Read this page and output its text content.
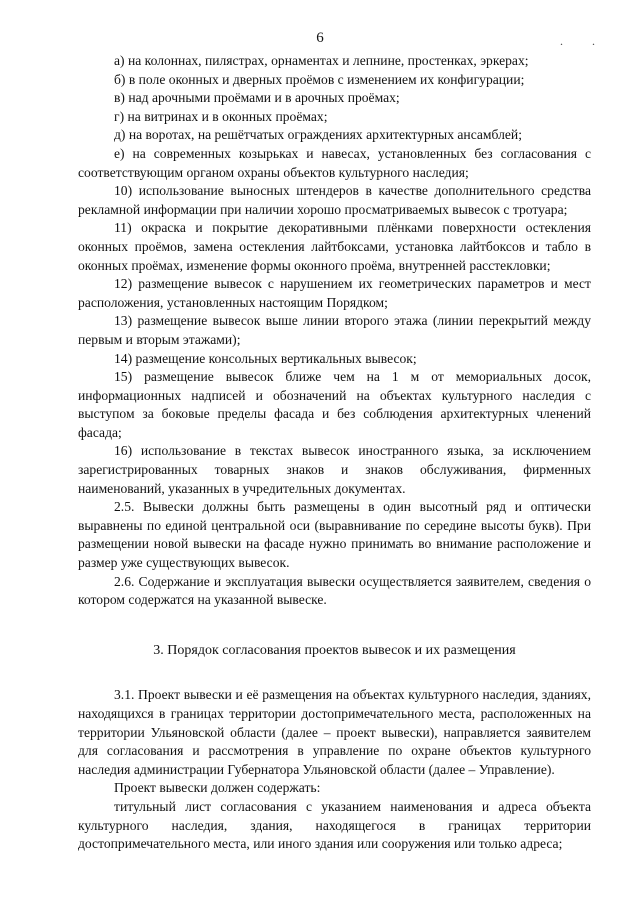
6	. .

а) на колоннах, пилястрах, орнаментах и лепнине, простенках, эркерах;

б) в поле оконных и дверных проёмов с изменением их конфигурации;

в) над арочными проёмами и в арочных проёмах;

г) на витринах и в оконных проёмах;

д) на воротах, на решётчатых ограждениях архитектурных ансамблей;

е) на современных козырьках и навесах, установленных без согласования с соответствующим органом охраны объектов культурного наследия;

10) использование выносных штендеров в качестве дополнительного средства рекламной информации при наличии хорошо просматриваемых вывесок с тротуара;

11) окраска и покрытие декоративными плёнками поверхности остекления оконных проёмов, замена остекления лайтбоксами, установка лайтбоксов и табло в оконных проёмах, изменение формы оконного проёма, внутренней расстекловки;

12) размещение вывесок с нарушением их геометрических параметров и мест расположения, установленных настоящим Порядком;

13) размещение вывесок выше линии второго этажа (линии перекрытий между первым и вторым этажами);

14) размещение консольных вертикальных вывесок;

15) размещение вывесок ближе чем на 1 м от мемориальных досок, информационных надписей и обозначений на объектах культурного наследия с выступом за боковые пределы фасада и без соблюдения архитектурных членений фасада;

16) использование в текстах вывесок иностранного языка, за исключением зарегистрированных товарных знаков и знаков обслуживания, фирменных наименований, указанных в учредительных документах.

2.5. Вывески должны быть размещены в один высотный ряд и оптически выравнены по единой центральной оси (выравнивание по середине высоты букв). При размещении новой вывески на фасаде нужно принимать во внимание расположение и размер уже существующих вывесок.

2.6. Содержание и эксплуатация вывески осуществляется заявителем, сведения о котором содержатся на указанной вывеске.

3. Порядок согласования проектов вывесок и их размещения

3.1. Проект вывески и её размещения на объектах культурного наследия, зданиях, находящихся в границах территории достопримечательного места, расположенных на территории Ульяновской области (далее – проект вывески), направляется заявителем для согласования и рассмотрения в управление по охране объектов культурного наследия администрации Губернатора Ульяновской области (далее – Управление).

Проект вывески должен содержать:

титульный лист согласования с указанием наименования и адреса объекта культурного наследия, здания, находящегося в границах территории достопримечательного места, или иного здания или сооружения или только адреса;
